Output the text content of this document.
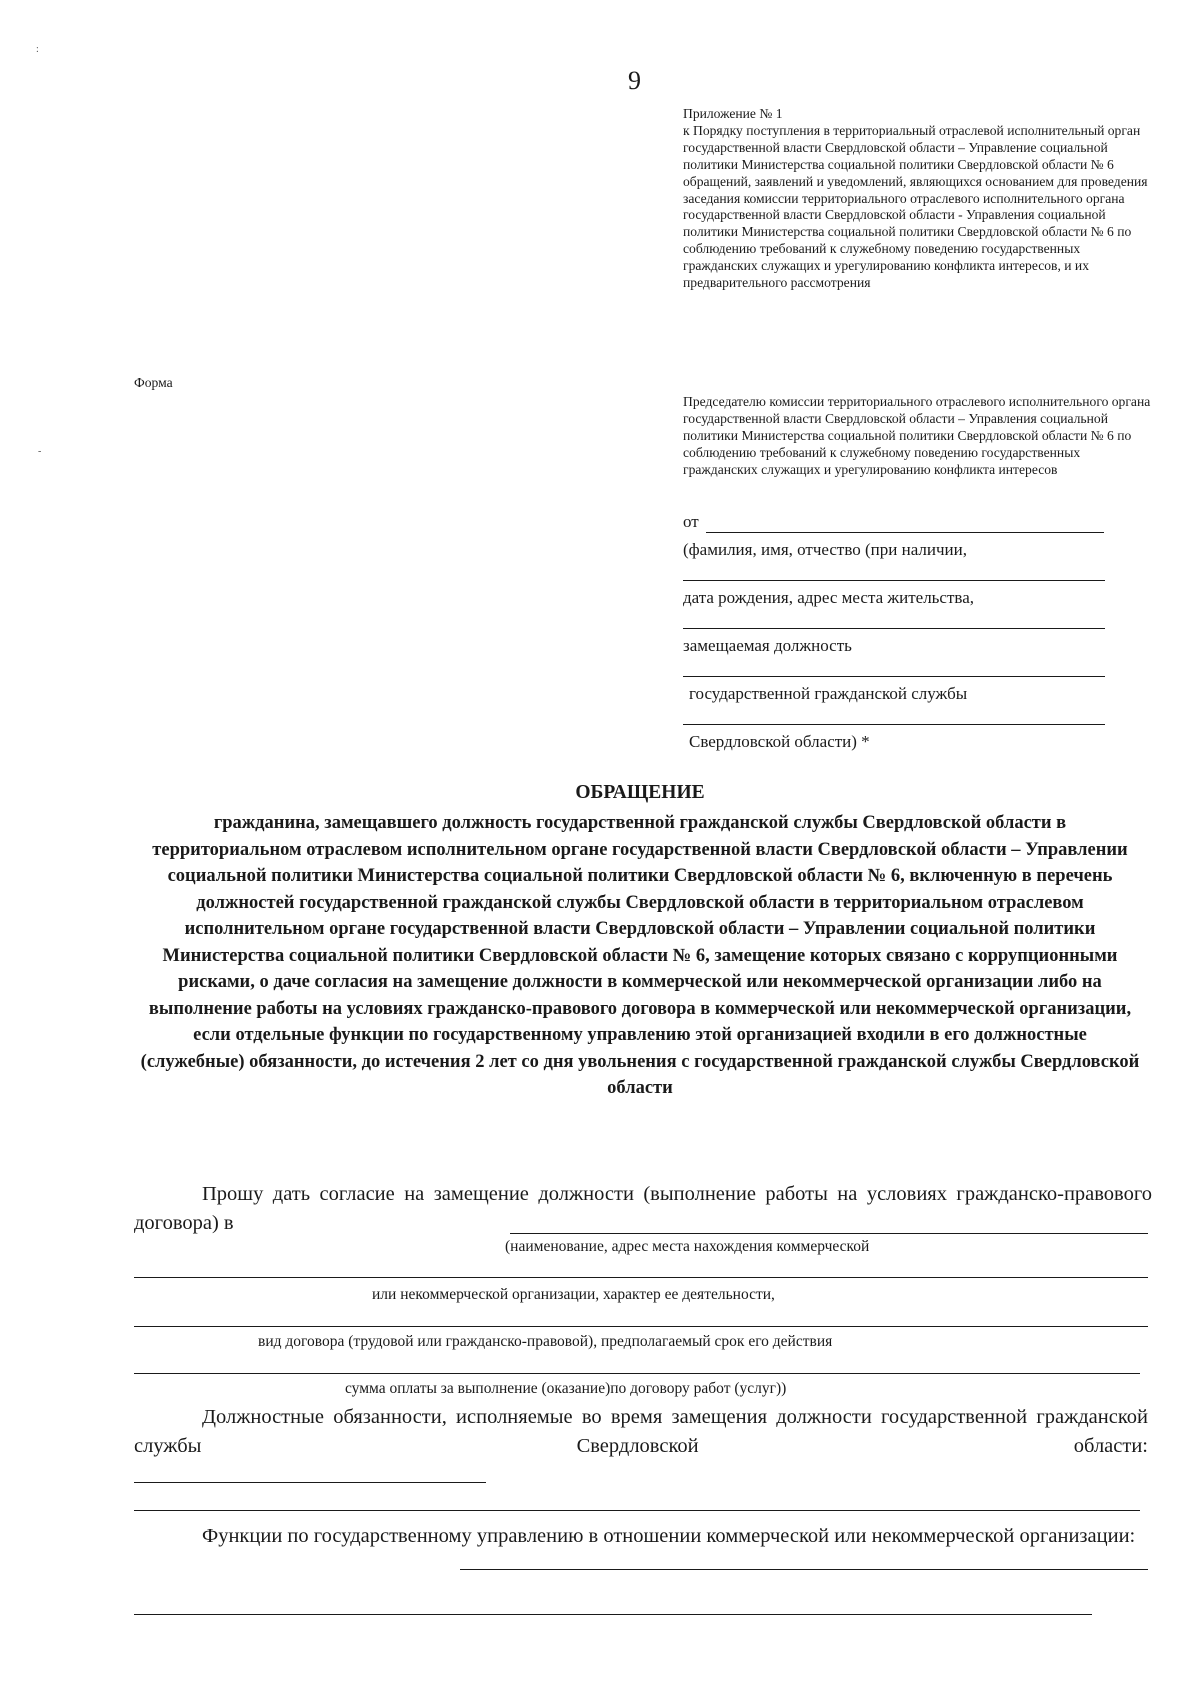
:
-
9
Приложение № 1
к Порядку поступления в территориальный отраслевой исполнительный орган государственной власти Свердловской области – Управление социальной политики Министерства социальной политики Свердловской области № 6 обращений, заявлений и уведомлений, являющихся основанием для проведения заседания комиссии территориального отраслевого исполнительного органа государственной власти Свердловской области - Управления социальной политики Министерства социальной политики Свердловской области № 6 по соблюдению требований к служебному поведению государственных гражданских служащих и урегулированию конфликта интересов, и их предварительного рассмотрения
Форма
Председателю комиссии территориального отраслевого исполнительного органа государственной власти Свердловской области – Управления социальной политики Министерства социальной политики Свердловской области № 6 по соблюдению требований к служебному поведению государственных гражданских служащих и урегулированию конфликта интересов
от
(фамилия, имя, отчество (при наличии,
дата рождения, адрес места жительства,
замещаемая должность
государственной гражданской службы
Свердловской области) *
ОБРАЩЕНИЕ
гражданина, замещавшего должность государственной гражданской службы Свердловской области в территориальном отраслевом исполнительном органе государственной власти Свердловской области – Управлении социальной политики Министерства социальной политики Свердловской области № 6, включенную в перечень должностей государственной гражданской службы Свердловской области в территориальном отраслевом исполнительном органе государственной власти Свердловской области – Управлении социальной политики Министерства социальной политики Свердловской области № 6, замещение которых связано с коррупционными рисками, о даче согласия на замещение должности в коммерческой или некоммерческой организации либо на выполнение работы на условиях гражданско-правового договора в коммерческой или некоммерческой организации, если отдельные функции по государственному управлению этой организацией входили в его должностные (служебные) обязанности, до истечения 2 лет со дня увольнения с государственной гражданской службы Свердловской области
Прошу дать согласие на замещение должности (выполнение работы на условиях гражданско-правового договора) в
(наименование, адрес места нахождения коммерческой
или некоммерческой организации, характер ее деятельности,
вид договора (трудовой или гражданско-правовой), предполагаемый срок его действия
сумма оплаты за выполнение (оказание)по договору работ (услуг))
Должностные обязанности, исполняемые во время замещения должности государственной гражданской службы Свердловской области:
Функции по государственному управлению в отношении коммерческой или некоммерческой организации:
